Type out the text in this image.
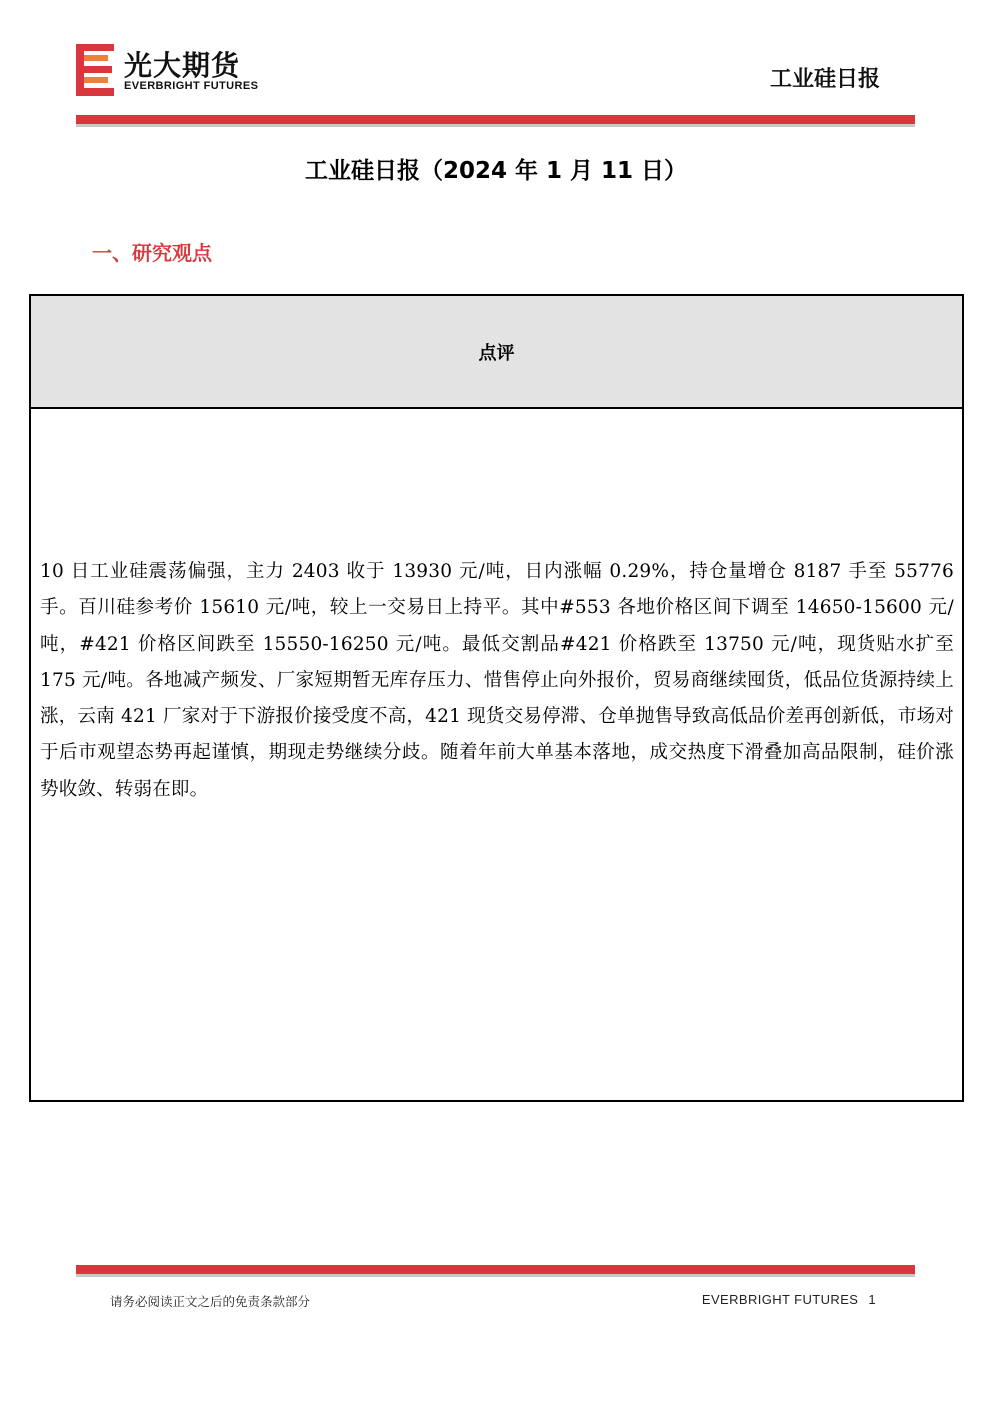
光大期货
EVERBRIGHT FUTURES	工业硅日报
工业硅日报（2024 年 1 月 11 日）
一、研究观点
点评
10 日工业硅震荡偏强，主力 2403 收于 13930 元/吨，日内涨幅 0.29%，持仓量增仓 8187 手至 55776 手。百川硅参考价 15610 元/吨，较上一交易日上持平。其中#553 各地价格区间下调至 14650-15600 元/吨，#421 价格区间跌至 15550-16250 元/吨。最低交割品#421 价格跌至 13750 元/吨，现货贴水扩至 175 元/吨。各地减产频发、厂家短期暂无库存压力、惜售停止向外报价，贸易商继续囤货，低品位货源持续上涨，云南 421 厂家对于下游报价接受度不高，421 现货交易停滞、仓单抛售导致高低品价差再创新低，市场对于后市观望态势再起谨慎，期现走势继续分歧。随着年前大单基本落地，成交热度下滑叠加高品限制，硅价涨势收敛、转弱在即。
请务必阅读正文之后的免责条款部分	EVERBRIGHT FUTURES 1
